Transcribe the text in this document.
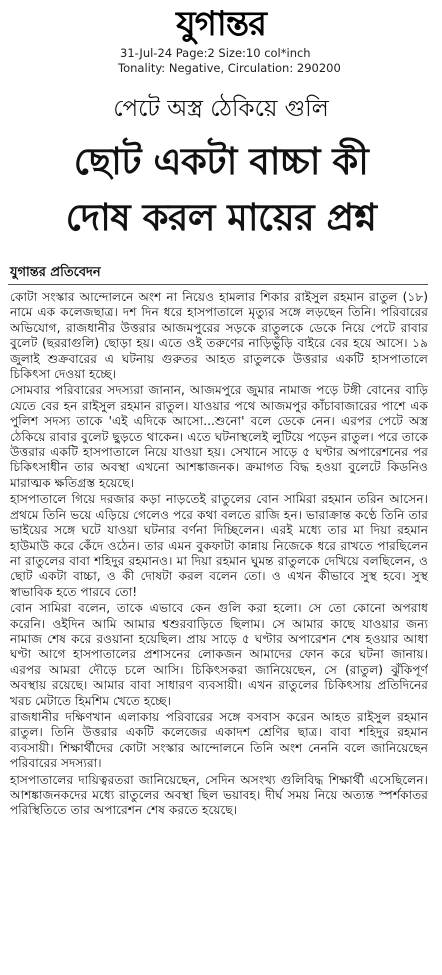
যুগান্তর
31-Jul-24 Page:2 Size:10 col*inch
Tonality: Negative, Circulation: 290200
পেটে অস্ত্র ঠেকিয়ে গুলি
ছোট একটা বাচ্চা কী
দোষ করল মায়ের প্রশ্ন
যুগান্তর প্রতিবেদন

কোটা সংস্কার আন্দোলনে অংশ না নিয়েও হামলার শিকার রাইসুল রহমান রাতুল (১৮) নামে এক কলেজছাত্র। দশ দিন ধরে হাসপাতালে মৃত্যুর সঙ্গে লড়ছেন তিনি। পরিবারের অভিযোগ, রাজধানীর উত্তরার আজমপুরের সড়কে রাতুলকে ডেকে নিয়ে পেটে রাবার বুলেট (ছররাগুলি) ছোড়া হয়। এতে ওই তরুণের নাড়িভুঁড়ি বাইরে বের হয়ে আসে। ১৯ জুলাই শুক্রবারের এ ঘটনায় গুরুতর আহত রাতুলকে উত্তরার একটি হাসপাতালে চিকিৎসা দেওয়া হচ্ছে।

সোমবার পরিবারের সদস্যরা জানান, আজমপুরে জুমার নামাজ পড়ে টঙ্গী বোনের বাড়ি যেতে বের হন রাইসুল রহমান রাতুল। যাওয়ার পথে আজমপুর কাঁচাবাজারের পাশে এক পুলিশ সদস্য তাকে 'এই এদিকে আসো...শুনো' বলে ডেকে নেন। এরপর পেটে অস্ত্র ঠেকিয়ে রাবার বুলেট ছুড়তে থাকেন। এতে ঘটনাস্থলেই লুটিয়ে পড়েন রাতুল। পরে তাকে উত্তরার একটি হাসপাতালে নিয়ে যাওয়া হয়। সেখানে সাড়ে ৫ ঘণ্টার অপারেশনের পর চিকিৎসাধীন তার অবস্থা এখনো আশঙ্কাজনক। ক্রমাগত বিদ্ধ হওয়া বুলেটে কিডনিও মারাত্মক ক্ষতিগ্রস্ত হয়েছে।

হাসপাতালে গিয়ে দরজার কড়া নাড়তেই রাতুলের বোন সামিরা রহমান তরিন আসেন। প্রথমে তিনি ভয়ে এড়িয়ে গেলেও পরে কথা বলতে রাজি হন। ভারাক্রান্ত কণ্ঠে তিনি তার ভাইয়ের সঙ্গে ঘটে যাওয়া ঘটনার বর্ণনা দিচ্ছিলেন। এরই মধ্যে তার মা দিয়া রহমান হাউমাউ করে কেঁদে ওঠেন। তার এমন বুকফাটা কান্নায় নিজেকে ধরে রাখতে পারছিলেন না রাতুলের বাবা শহিদুর রহমানও। মা দিয়া রহমান ঘুমন্ত রাতুলকে দেখিয়ে বলছিলেন, ও ছোট একটা বাচ্চা, ও কী দোষটা করল বলেন তো। ও এখন কীভাবে সুস্থ হবে। সুস্থ স্বাভাবিক হতে পারবে তো!

বোন সামিরা বলেন, তাকে এভাবে কেন গুলি করা হলো। সে তো কোনো অপরাধ করেনি। ওইদিন আমি আমার শ্বশুরবাড়িতে ছিলাম। সে আমার কাছে যাওয়ার জন্য নামাজ শেষ করে রওয়ানা হয়েছিল। প্রায় সাড়ে ৫ ঘণ্টার অপারেশন শেষ হওয়ার আধা ঘণ্টা আগে হাসপাতালের প্রশাসনের লোকজন আমাদের ফোন করে ঘটনা জানায়। এরপর আমরা দৌড়ে চলে আসি। চিকিৎসকরা জানিয়েছেন, সে (রাতুল) ঝুঁকিপূর্ণ অবস্থায় রয়েছে। আমার বাবা সাধারণ ব্যবসায়ী। এখন রাতুলের চিকিৎসায় প্রতিদিনের খরচ মেটাতে হিমশিম খেতে হচ্ছে।

রাজধানীর দক্ষিণখান এলাকায় পরিবারের সঙ্গে বসবাস করেন আহত রাইসুল রহমান রাতুল। তিনি উত্তরার একটি কলেজের একাদশ শ্রেণির ছাত্র। বাবা শহিদুর রহমান ব্যবসায়ী। শিক্ষার্থীদের কোটা সংস্কার আন্দোলনে তিনি অংশ নেননি বলে জানিয়েছেন পরিবারের সদস্যরা।

হাসপাতালের দায়িত্বরতরা জানিয়েছেন, সেদিন অসংখ্য গুলিবিদ্ধ শিক্ষার্থী এসেছিলেন। আশঙ্কাজনকদের মধ্যে রাতুলের অবস্থা ছিল ভয়াবহ। দীর্ঘ সময় নিয়ে অত্যন্ত স্পর্শকাতর পরিস্থিতিতে তার অপারেশন শেষ করতে হয়েছে।
